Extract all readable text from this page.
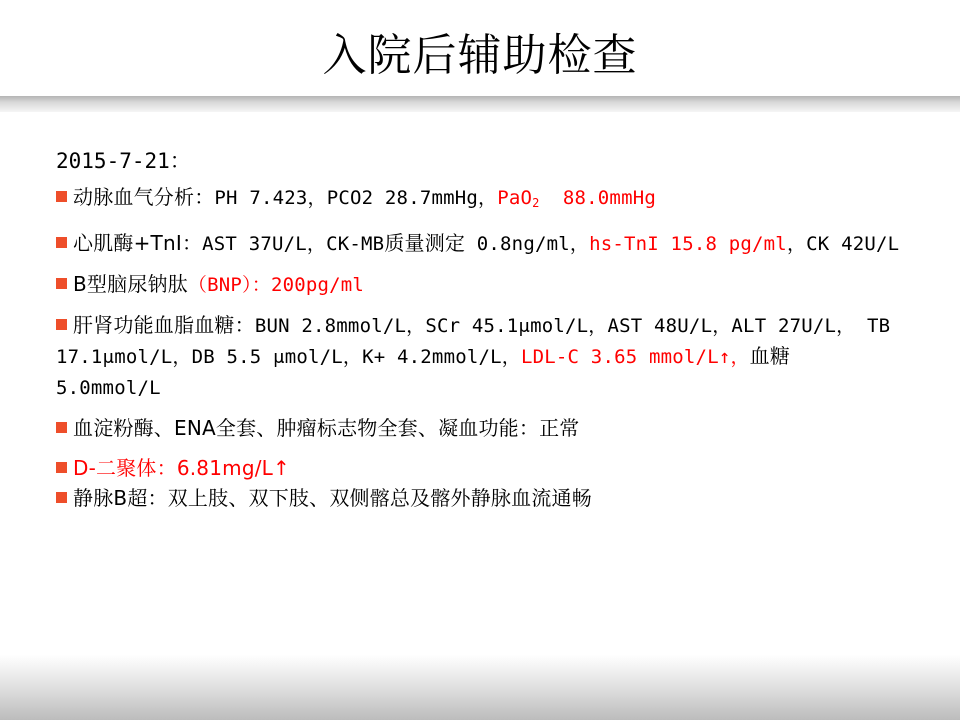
入院后辅助检查
2015-7-21：
动脉血气分析：PH 7.423，PCO2 28.7mmHg，PaO$_2$  88.0mmHg
心肌酶+TnI：AST 37U/L，CK-MB质量测定 0.8ng/ml，hs-TnI 15.8 pg/ml，CK 42U/L
B型脑尿钠肽（BNP）：200pg/ml
肝肾功能血脂血糖：BUN 2.8mmol/L，SCr 45.1μmol/L，AST 48U/L，ALT 27U/L， TB 17.1μmol/L，DB 5.5 μmol/L，K+ 4.2mmol/L，LDL-C 3.65 mmol/L↑，血糖 5.0mmol/L
血淀粉酶、ENA全套、肿瘤标志物全套、凝血功能：正常
D-二聚体：6.81mg/L↑
静脉B超：双上肢、双下肢、双侧髂总及髂外静脉血流通畅
